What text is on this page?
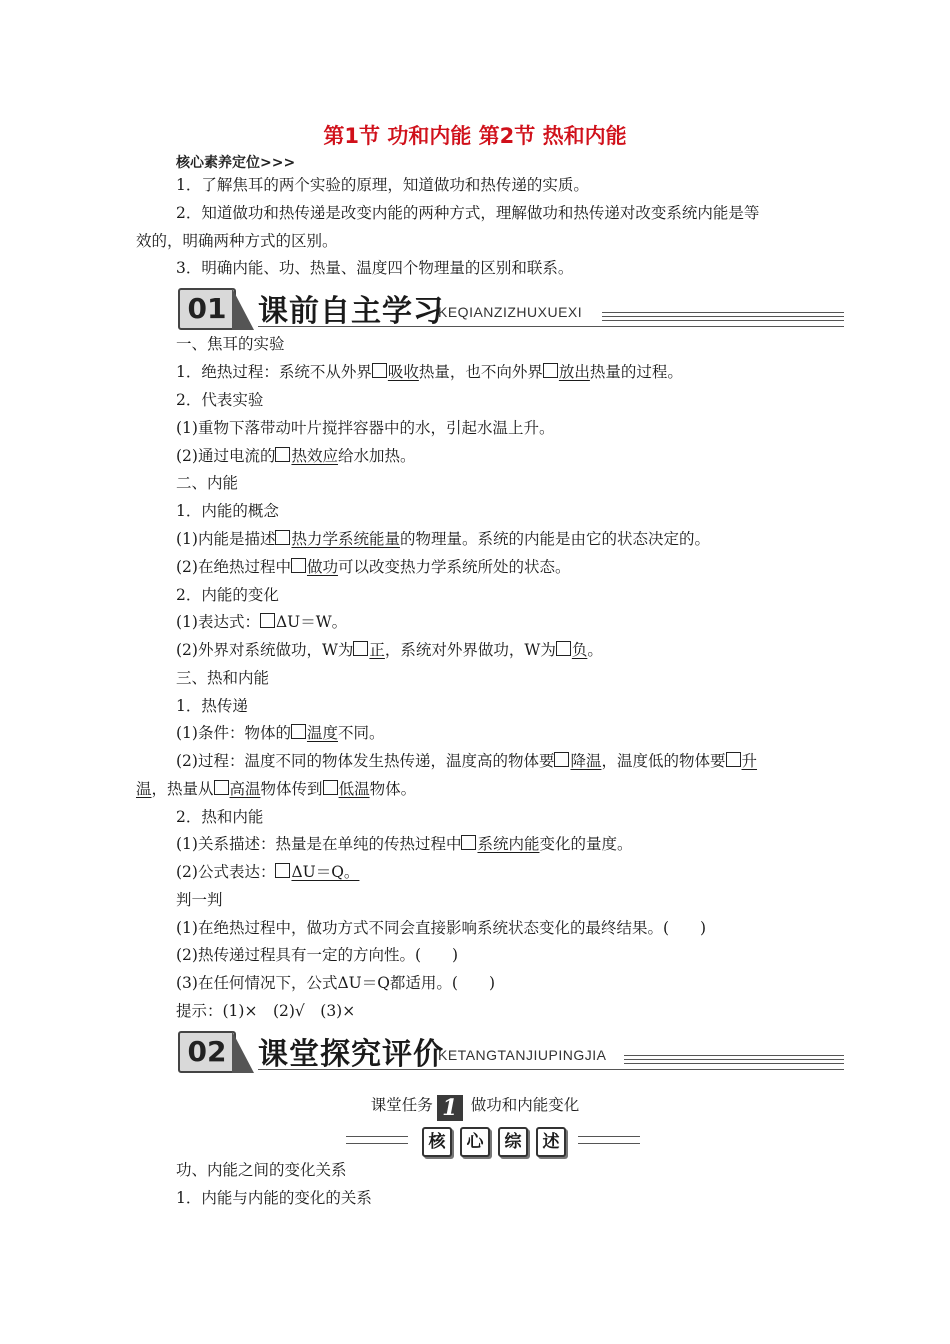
第1节 功和内能 第2节 热和内能
核心素养定位>>>
1．了解焦耳的两个实验的原理，知道做功和热传递的实质。
2．知道做功和热传递是改变内能的两种方式，理解做功和热传递对改变系统内能是等
效的，明确两种方式的区别。
3．明确内能、功、热量、温度四个物理量的区别和联系。
01	课前自主学习
KEQIANZIZHUXUEXI
一、焦耳的实验
1．绝热过程：系统不从外界 吸收热量，也不向外界 放出热量的过程。
2．代表实验
(1)重物下落带动叶片搅拌容器中的水，引起水温上升。
(2)通过电流的 热效应给水加热。
二、内能
1．内能的概念
(1)内能是描述 热力学系统能量的物理量。系统的内能是由它的状态决定的。
(2)在绝热过程中 做功可以改变热力学系统所处的状态。
2．内能的变化
(1)表达式： ΔU＝W。
(2)外界对系统做功，W为 正，系统对外界做功，W为 负。
三、热和内能
1．热传递
(1)条件：物体的 温度不同。
(2)过程：温度不同的物体发生热传递，温度高的物体要 降温，温度低的物体要 升
温，热量从 高温物体传到 低温物体。
2．热和内能
(1)关系描述：热量是在单纯的传热过程中 系统内能变化的量度。
(2)公式表达： ΔU＝Q。
判一判
(1)在绝热过程中，做功方式不同会直接影响系统状态变化的最终结果。(　　)
(2)热传递过程具有一定的方向性。(　　)
(3)在任何情况下，公式ΔU＝Q都适用。(　　)
提示：(1)×　(2)√　(3)×
02	课堂探究评价
KETANGTANJIUPINGJIA
课堂任务 1 做功和内能变化
核	心	综	述
功、内能之间的变化关系
1．内能与内能的变化的关系
